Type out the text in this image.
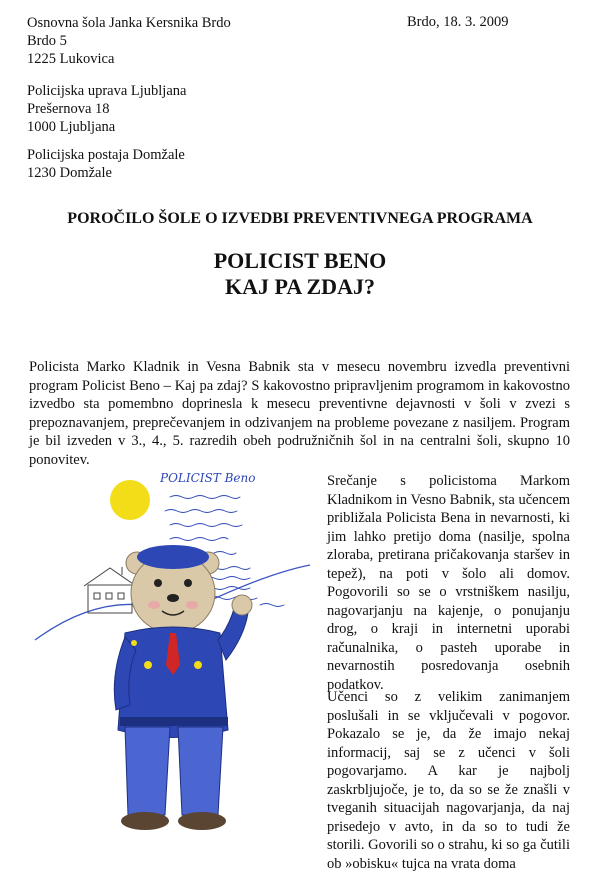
Osnovna šola Janka Kersnika Brdo
Brdo 5
1225 Lukovica
Brdo, 18. 3. 2009
Policijska uprava Ljubljana
Prešernova 18
1000 Ljubljana
Policijska postaja Domžale
1230 Domžale
POROČILO ŠOLE O IZVEDBI PREVENTIVNEGA PROGRAMA
POLICIST BENO
KAJ PA ZDAJ?

Policista Marko Kladnik in Vesna Babnik sta v mesecu novembru izvedla preventivni program Policist Beno – Kaj pa zdaj? S kakovostno pripravljenim programom in kakovostno izvedbo sta pomembno doprinesla k mesecu preventivne dejavnosti v šoli v zvezi s prepoznavanjem, preprečevanjem in odzivanjem na probleme povezane z nasiljem. Program je bil izveden v 3., 4., 5. razredih obeh podružničnih šol in na centralni šoli, skupno 10 ponovitev.

POLICIST Beno	Srečanje s policistoma Markom Kladnikom in Vesno Babnik, sta učencem približala Policista Bena in nevarnosti, ki jim lahko pretijo doma (nasilje, spolna zloraba, pretirana pričakovanja staršev in tepež), na poti v šolo ali domov. Pogovorili so se o vrstniškem nasilju, nagovarjanju na kajenje, o ponujanju drog, o kraji in internetni uporabi računalnika, o pasteh uporabe in nevarnostih posredovanja osebnih podatkov.

Učenci so z velikim zanimanjem poslušali in se vključevali v pogovor. Pokazalo se je, da že imajo nekaj informacij, saj se z učenci v šoli pogovarjamo. A kar je najbolj zaskrbljujoče, je to, da so se že znašli v tveganih situacijah nagovarjanja, da naj prisedejo v avto, in da so to tudi že storili. Govorili so o strahu, ki so ga čutili ob »obisku« tujca na vrata doma
